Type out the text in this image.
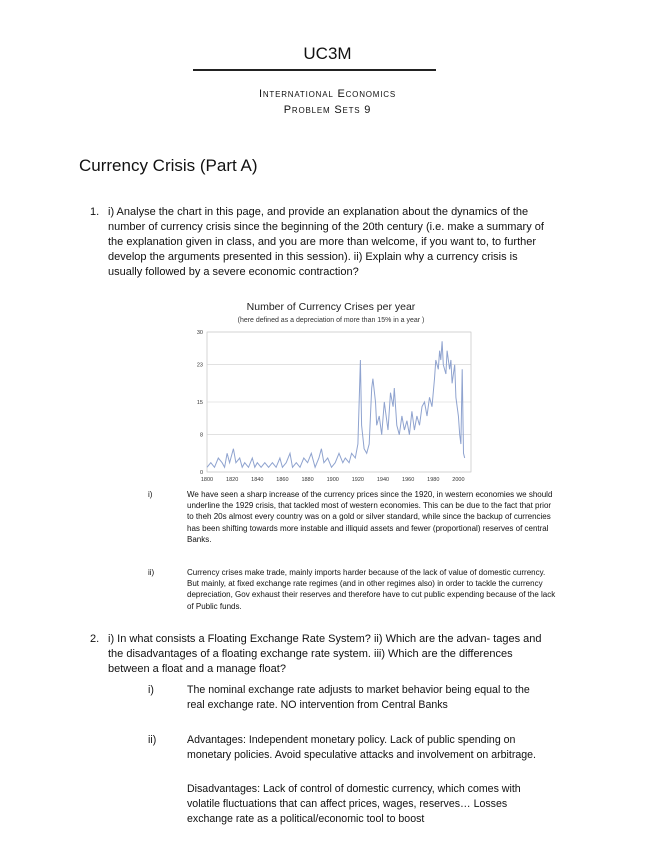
UC3M
International Economics
Problem Sets 9
Currency Crisis (Part A)
1. i) Analyse the chart in this page, and provide an explanation about the dynamics of the number of currency crisis since the beginning of the 20th century (i.e. make a summary of the explanation given in class, and you are more than welcome, if you want to, to further develop the arguments presented in this session). ii) Explain why a currency crisis is usually followed by a severe economic contraction?
Number of Currency Crises per year
(here defined as a depreciation of more than 15% in a year )
0
8
15
23
30
1800 1820 1840 1860 1880 1900 1920 1940 1960 1980 2000
i)	We have seen a sharp increase of the currency prices since the 1920, in western economies we should underline the 1929 crisis, that tackled most of western economies. This can be due to the fact that prior to theh 20s almost every country was on a gold or silver standard, while since the backup of currencies has been shifting towards more instable and illiquid assets and fewer (proportional) reserves of central Banks.
ii)	Currency crises make trade, mainly imports harder because of the lack of value of domestic currency. But mainly, at fixed exchange rate regimes (and in other regimes also) in order to tackle the currency depreciation, Gov exhaust their reserves and therefore have to cut public expending because of the lack of Public funds.
2. i) In what consists a Floating Exchange Rate System? ii) Which are the advan- tages and the disadvantages of a floating exchange rate system. iii) Which are the differences between a float and a manage float?
i)	The nominal exchange rate adjusts to market behavior being equal to the real exchange rate. NO intervention from Central Banks
ii)	Advantages: Independent monetary policy. Lack of public spending on monetary policies. Avoid speculative attacks and involvement on arbitrage.
Disadvantages: Lack of control of domestic currency, which comes with volatile fluctuations that can affect prices, wages, reserves… Losses exchange rate as a political/economic tool to boost
